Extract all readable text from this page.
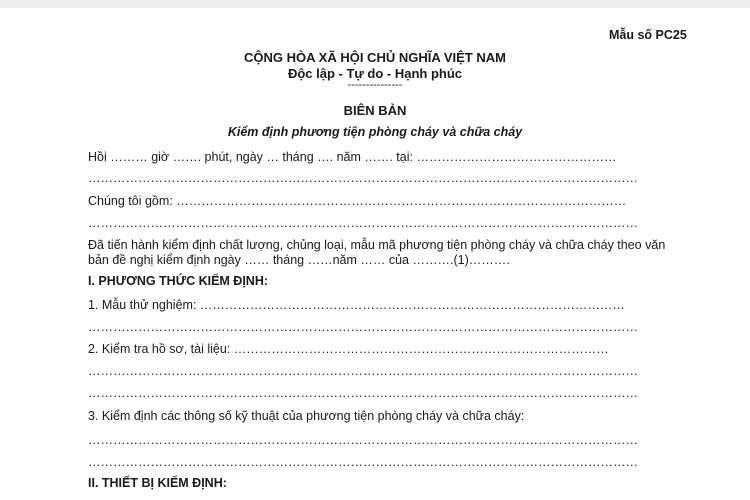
Mẫu số PC25
CỘNG HÒA XÃ HỘI CHỦ NGHĨA VIỆT NAM
Độc lập - Tự do - Hạnh phúc
---------------
BIÊN BẢN
Kiểm định phương tiện phòng cháy và chữa cháy
Hồi ……… giờ ……. phút, ngày … tháng …. năm ……. tại: …………………………………………
……………………………………………………………………………………………………………………
Chúng tôi gồm: ………………………………………………………………………………………………
……………………………………………………………………………………………………………………
Đã tiến hành kiểm định chất lượng, chủng loại, mẫu mã phương tiện phòng cháy và chữa cháy theo văn
bản đề nghị kiểm định ngày …… tháng ……năm …… của ……….(1)……….
I. PHƯƠNG THỨC KIỂM ĐỊNH:
1. Mẫu thử nghiệm: …………………………………………………………………………………………
……………………………………………………………………………………………………………………
2. Kiểm tra hồ sơ, tài liệu: ………………………………………………………………………………
……………………………………………………………………………………………………………………
……………………………………………………………………………………………………………………
3. Kiểm định các thông số kỹ thuật của phương tiện phòng cháy và chữa cháy:
……………………………………………………………………………………………………………………
……………………………………………………………………………………………………………………
II. THIẾT BỊ KIỂM ĐỊNH:
